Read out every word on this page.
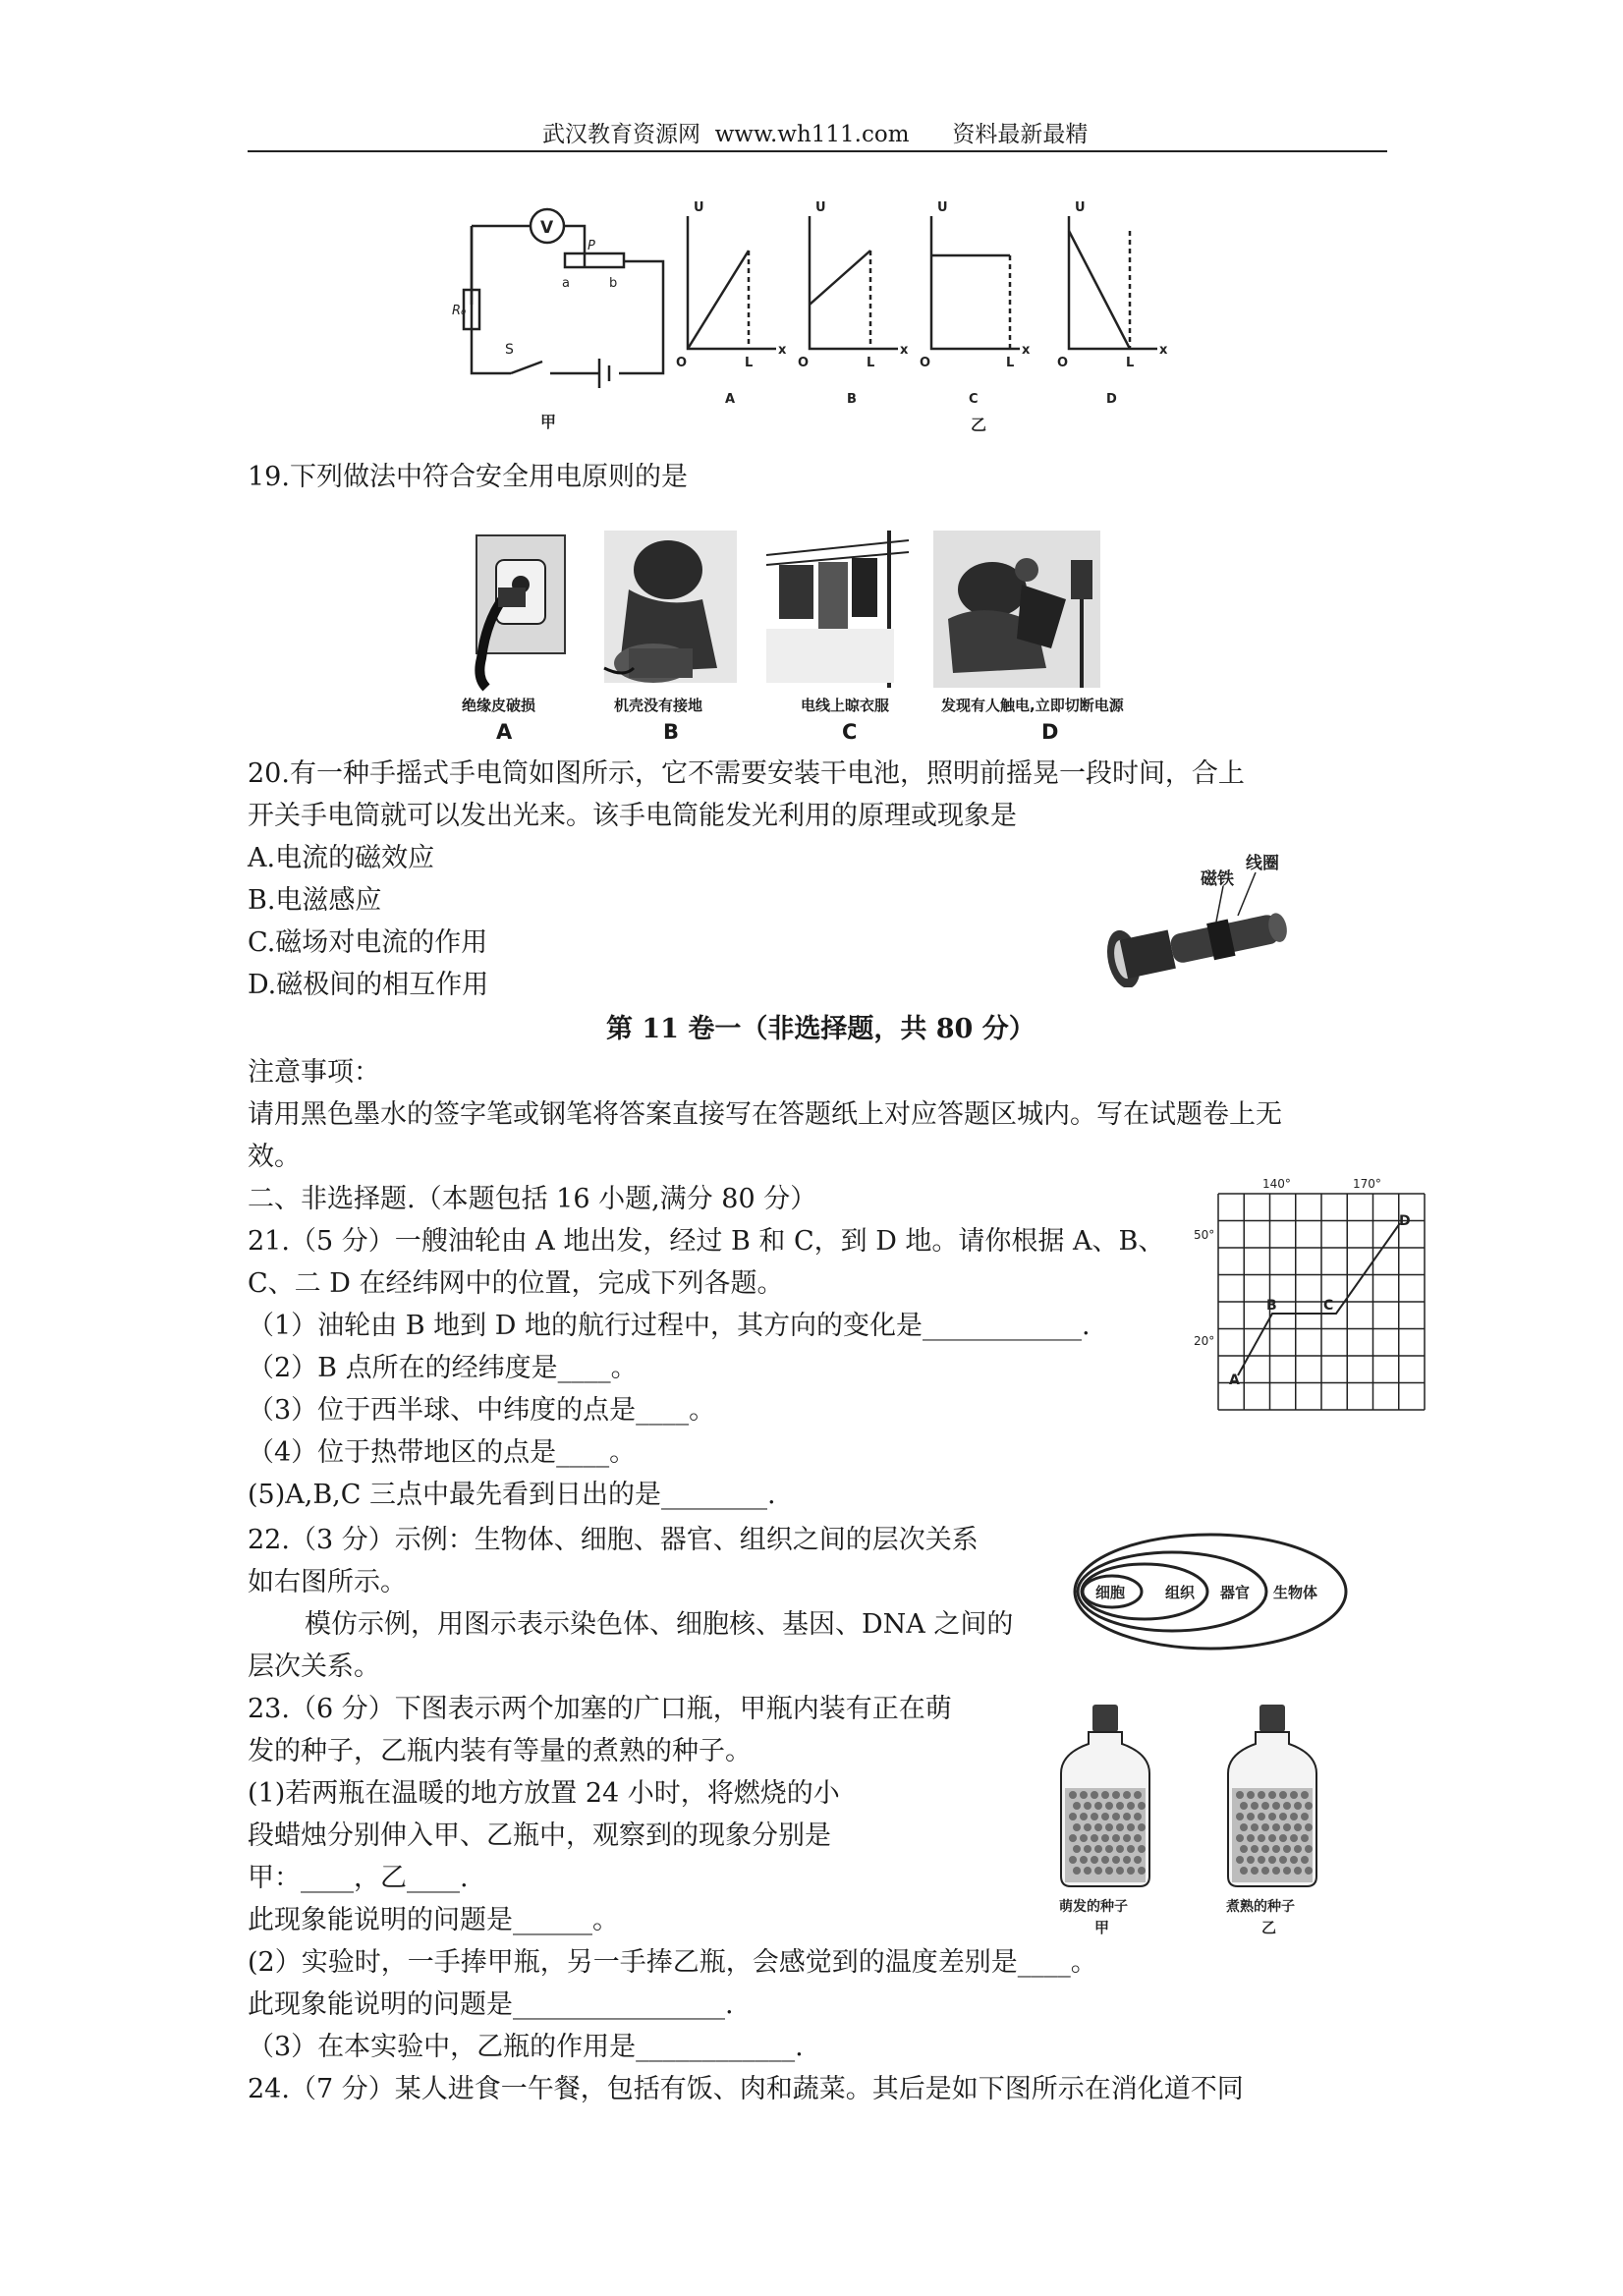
武汉教育资源网 www.wh111.com 资料最新最精
V
P
a	b
R₀
S
甲
U
O	L
x
A
U
O	L
x
B
U
O	L
x
C
U
O	L
x
D
乙
19.下列做法中符合安全用电原则的是
绝缘皮破损	机壳没有接地	电线上晾衣服	发现有人触电,立即切断电源
A	B	C	D
20.有一种手摇式手电筒如图所示，它不需要安装干电池，照明前摇晃一段时间，合上
开关手电筒就可以发出光来。该手电筒能发光利用的原理或现象是
A.电流的磁效应
B.电滋感应
C.磁场对电流的作用
D.磁极间的相互作用
磁铁
线圈
第 11 卷一（非选择题，共 80 分）
注意事项：
请用黑色墨水的签字笔或钢笔将答案直接写在答题纸上对应答题区城内。写在试题卷上无
效。
二、非选择题.（本题包括 16 小题,满分 80 分）
21.（5 分）一艘油轮由 A 地出发，经过 B 和 C，到 D 地。请你根据 A、B、
C、二 D 在经纬网中的位置，完成下列各题。
（1）油轮由 B 地到 D 地的航行过程中，其方向的变化是____________.
（2）B 点所在的经纬度是____。
（3）位于西半球、中纬度的点是____。
（4）位于热带地区的点是____。
(5)A,B,C 三点中最先看到日出的是________.
140°	170°
50°
20°
A
B	C
D
22.（3 分）示例：生物体、细胞、器官、组织之间的层次关系
如右图所示。
模仿示例，用图示表示染色体、细胞核、基因、DNA 之间的
层次关系。
细胞	组织 器官 生物体
23.（6 分）下图表示两个加塞的广口瓶，甲瓶内装有正在萌
发的种子，乙瓶内装有等量的煮熟的种子。
(1)若两瓶在温暖的地方放置 24 小时，将燃烧的小
段蜡烛分别伸入甲、乙瓶中，观察到的现象分别是
甲：____，乙____.
此现象能说明的问题是______。
(2）实验时，一手捧甲瓶，另一手捧乙瓶，会感觉到的温度差别是____。
此现象能说明的问题是________________.
（3）在本实验中，乙瓶的作用是____________.
萌发的种子
甲
煮熟的种子
乙
24.（7 分）某人进食一午餐，包括有饭、肉和蔬菜。其后是如下图所示在消化道不同
